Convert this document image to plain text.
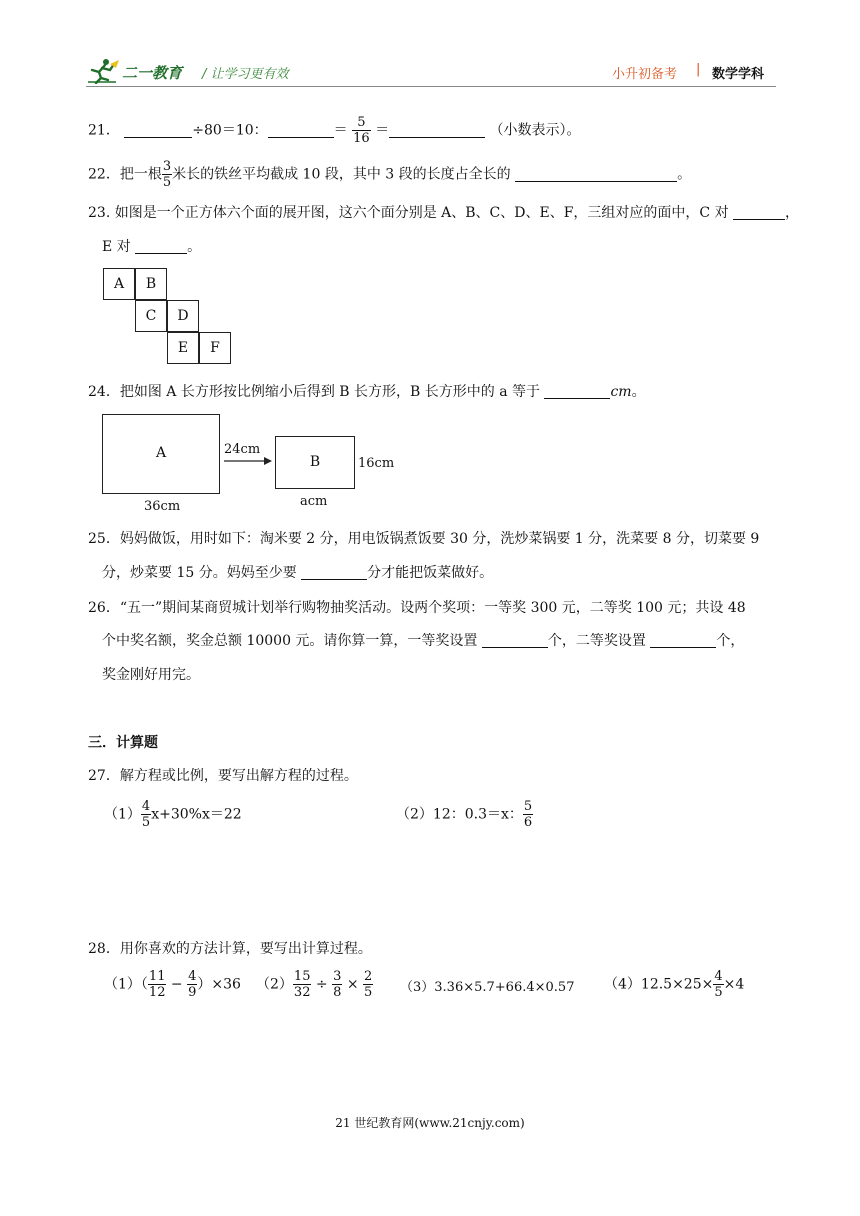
二一教育 / 让学习更有效	小升初备考 | 数学学科
21．	÷80＝10：	＝ $\frac{5}{16}$ ＝	（小数表示）。
22．把一根 $\frac{3}{5}$ 米长的铁丝平均截成 10 段，其中 3 段的长度占全长的	。
23. 如图是一个正方体六个面的展开图，这六个面分别是 A、B、C、D、E、F，三组对应的面中，C 对	，
E 对	。
A	B
C	D
E	F
24．把如图 A 长方形按比例缩小后得到 B 长方形，B 长方形中的 a 等于	cm。
A
36cm
24cm
B	16cm
acm
25．妈妈做饭，用时如下：淘米要 2 分，用电饭锅煮饭要 30 分，洗炒菜锅要 1 分，洗菜要 8 分，切菜要 9
分，炒菜要 15 分。妈妈至少要	分才能把饭菜做好。
26．“五一”期间某商贸城计划举行购物抽奖活动。设两个奖项：一等奖 300 元，二等奖 100 元；共设 48
个中奖名额，奖金总额 10000 元。请你算一算，一等奖设置	个，二等奖设置	个，
奖金刚好用完。
三．计算题
27．解方程或比例，要写出解方程的过程。
$(1) \frac{4}{5} x+30\%x=22$	（2）12：0.3＝x： $\frac{5}{6}$
28．用你喜欢的方法计算，要写出计算过程。
$(1)( \frac{11}{12} - \frac{4}{9} )\times 36$ $(2) \frac{15}{32} \div \frac{3}{8} \times \frac{2}{5} (3)3.36\times 5.7+66.4\times 0.57$ $(4)12.5\times 25\times \frac{4}{5} \times 4$
21 世纪教育网(www.21cnjy.com)
